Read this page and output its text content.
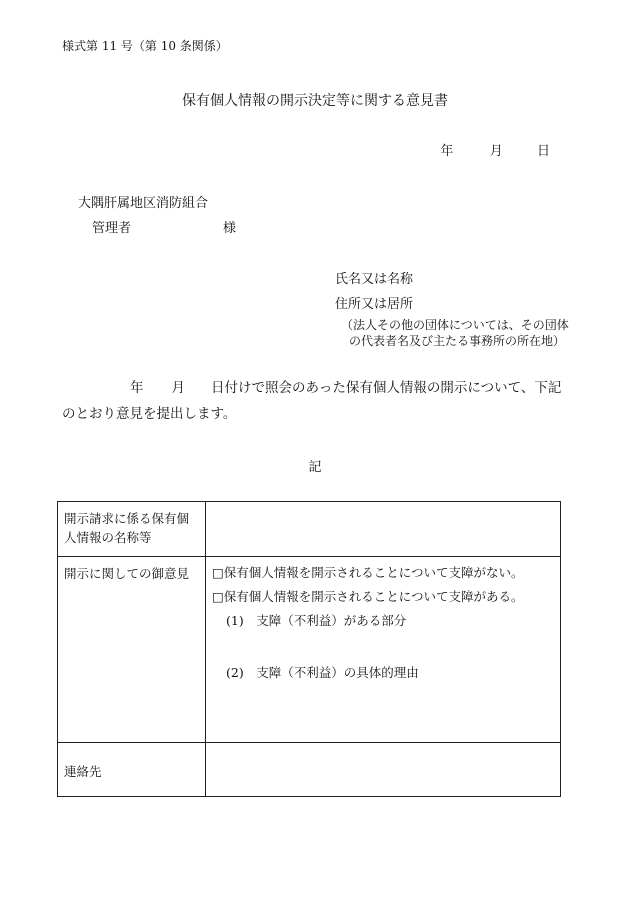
様式第 11 号（第 10 条関係）
保有個人情報の開示決定等に関する意見書
年	月	日
大隅肝属地区消防組合
管理者	様
氏名又は名称
住所又は居所
（法人その他の団体については、その団体
の代表者名及び主たる事務所の所在地）
年 月 日付けで照会のあった保有個人情報の開示について、下記
のとおり意見を提出します。
記
開示請求に係る保有個人情報の名称等	
開示に関しての御意見	□保有個人情報を開示されることについて支障がない。
□保有個人情報を開示されることについて支障がある。
(1)　支障（不利益）がある部分
(2)　支障（不利益）の具体的理由

連絡先	
